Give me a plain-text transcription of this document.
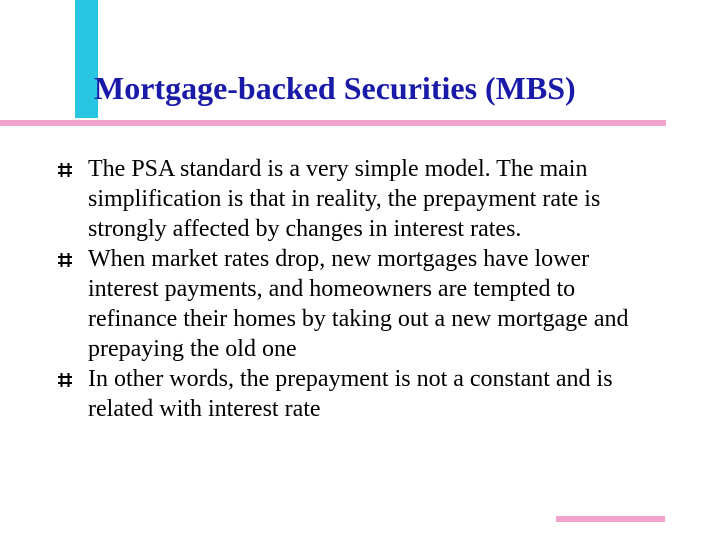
Mortgage-backed Securities (MBS)
The PSA standard is a very simple model. The main simplification is that in reality, the prepayment rate is strongly affected by changes in interest rates.
When market rates drop, new mortgages have lower interest payments, and homeowners are tempted to refinance their homes by taking out a new mortgage and prepaying the old one
In other words, the prepayment is not a constant and is related with interest rate
